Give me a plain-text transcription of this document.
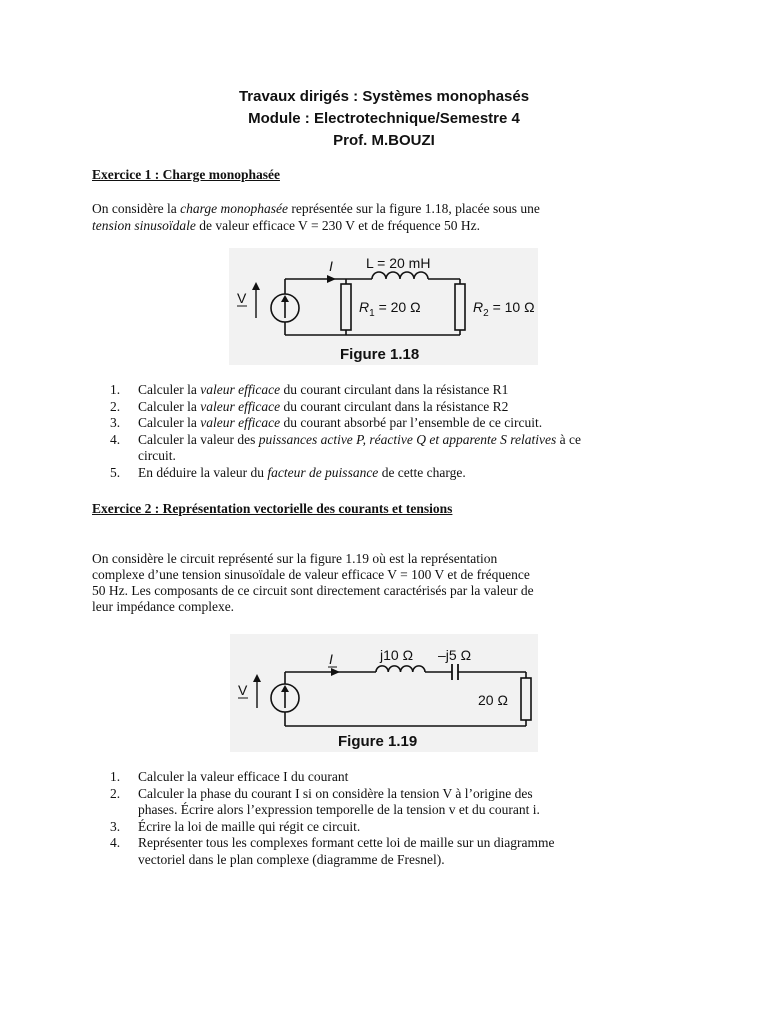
Travaux dirigés : Systèmes monophasés
Module : Electrotechnique/Semestre 4
Prof. M.BOUZI
Exercice 1 : Charge monophasée
On considère la charge monophasée représentée sur la figure 1.18, placée sous une
tension sinusoïdale de valeur efficace V = 230 V et de fréquence 50 Hz.
V
I L = 20 mH
$R_1 = 20$ Ω	$R_2 = 10$ Ω
Figure 1.18
1. Calculer la valeur efficace du courant circulant dans la résistance R1
2. Calculer la valeur efficace du courant circulant dans la résistance R2
3. Calculer la valeur efficace du courant absorbé par l’ensemble de ce circuit.
4. Calculer la valeur des puissances active P, réactive Q et apparente S relatives à ce
circuit.
5. En déduire la valeur du facteur de puissance de cette charge.
Exercice 2 : Représentation vectorielle des courants et tensions
On considère le circuit représenté sur la figure 1.19 où est la représentation
complexe d’une tension sinusoïdale de valeur efficace V = 100 V et de fréquence
50 Hz. Les composants de ce circuit sont directement caractérisés par la valeur de
leur impédance complexe.
V
I	j10 Ω –j5 Ω
20 Ω
Figure 1.19
1. Calculer la valeur efficace I du courant
2. Calculer la phase du courant I si on considère la tension V à l’origine des
phases. Écrire alors l’expression temporelle de la tension v et du courant i.
3. Écrire la loi de maille qui régit ce circuit.
4. Représenter tous les complexes formant cette loi de maille sur un diagramme
vectoriel dans le plan complexe (diagramme de Fresnel).
